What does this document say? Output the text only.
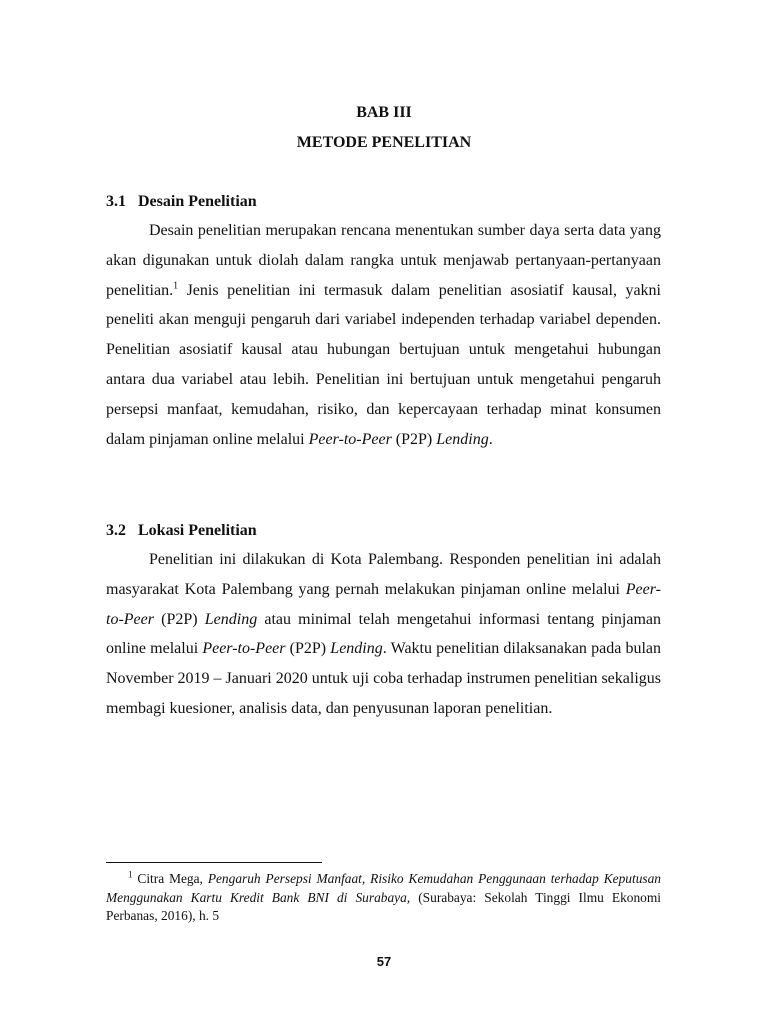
BAB III
METODE PENELITIAN
3.1 Desain Penelitian

Desain penelitian merupakan rencana menentukan sumber daya serta data yang akan digunakan untuk diolah dalam rangka untuk menjawab pertanyaan-pertanyaan penelitian.$^1$ Jenis penelitian ini termasuk dalam penelitian asosiatif kausal, yakni peneliti akan menguji pengaruh dari variabel independen terhadap variabel dependen. Penelitian asosiatif kausal atau hubungan bertujuan untuk mengetahui hubungan antara dua variabel atau lebih. Penelitian ini bertujuan untuk mengetahui pengaruh persepsi manfaat, kemudahan, risiko, dan kepercayaan terhadap minat konsumen dalam pinjaman online melalui Peer-to-Peer (P2P) Lending.

3.2 Lokasi Penelitian

Penelitian ini dilakukan di Kota Palembang. Responden penelitian ini adalah masyarakat Kota Palembang yang pernah melakukan pinjaman online melalui Peer-to-Peer (P2P) Lending atau minimal telah mengetahui informasi tentang pinjaman online melalui Peer-to-Peer (P2P) Lending. Waktu penelitian dilaksanakan pada bulan November 2019 – Januari 2020 untuk uji coba terhadap instrumen penelitian sekaligus membagi kuesioner, analisis data, dan penyusunan laporan penelitian.

$^1$ Citra Mega, Pengaruh Persepsi Manfaat, Risiko Kemudahan Penggunaan terhadap Keputusan Menggunakan Kartu Kredit Bank BNI di Surabaya, (Surabaya: Sekolah Tinggi Ilmu Ekonomi Perbanas, 2016), h. 5

57
